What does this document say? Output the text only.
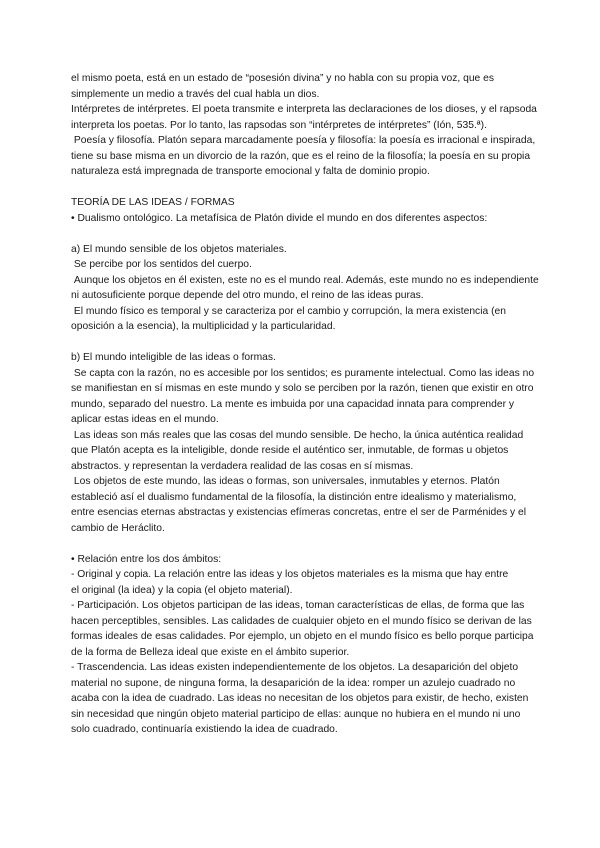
el mismo poeta, está en un estado de “posesión divina” y no habla con su propia voz, que es simplemente un medio a través del cual habla un dios.

Intérpretes de intérpretes. El poeta transmite e interpreta las declaraciones de los dioses, y el rapsoda interpreta los poetas. Por lo tanto, las rapsodas son “intérpretes de intérpretes” (Ión, 535.ª).

Poesía y filosofía. Platón separa marcadamente poesía y filosofía: la poesía es irracional e inspirada, tiene su base misma en un divorcio de la razón, que es el reino de la filosofía; la poesía en su propia naturaleza está impregnada de transporte emocional y falta de dominio propio.

TEORÍA DE LAS IDEAS / FORMAS

• Dualismo ontológico. La metafísica de Platón divide el mundo en dos diferentes aspectos:

a) El mundo sensible de los objetos materiales.

Se percibe por los sentidos del cuerpo.

Aunque los objetos en él existen, este no es el mundo real. Además, este mundo no es independiente ni autosuficiente porque depende del otro mundo, el reino de las ideas puras.

El mundo físico es temporal y se caracteriza por el cambio y corrupción, la mera existencia (en oposición a la esencia), la multiplicidad y la particularidad.

b) El mundo inteligible de las ideas o formas.

Se capta con la razón, no es accesible por los sentidos; es puramente intelectual. Como las ideas no se manifiestan en sí mismas en este mundo y solo se perciben por la razón, tienen que existir en otro mundo, separado del nuestro. La mente es imbuida por una capacidad innata para comprender y aplicar estas ideas en el mundo.

Las ideas son más reales que las cosas del mundo sensible. De hecho, la única auténtica realidad que Platón acepta es la inteligible, donde reside el auténtico ser, inmutable, de formas u objetos abstractos. y representan la verdadera realidad de las cosas en sí mismas.

Los objetos de este mundo, las ideas o formas, son universales, inmutables y eternos. Platón estableció así el dualismo fundamental de la filosofía, la distinción entre idealismo y materialismo, entre esencias eternas abstractas y existencias efímeras concretas, entre el ser de Parménides y el cambio de Heráclito.

• Relación entre los dos ámbitos:

- Original y copia. La relación entre las ideas y los objetos materiales es la misma que hay entre

el original (la idea) y la copia (el objeto material).

- Participación. Los objetos participan de las ideas, toman características de ellas, de forma que las hacen perceptibles, sensibles. Las calidades de cualquier objeto en el mundo físico se derivan de las formas ideales de esas calidades. Por ejemplo, un objeto en el mundo físico es bello porque participa de la forma de Belleza ideal que existe en el ámbito superior.

- Trascendencia. Las ideas existen independientemente de los objetos. La desaparición del objeto material no supone, de ninguna forma, la desaparición de la idea: romper un azulejo cuadrado no acaba con la idea de cuadrado. Las ideas no necesitan de los objetos para existir, de hecho, existen sin necesidad que ningún objeto material participo de ellas: aunque no hubiera en el mundo ni uno solo cuadrado, continuaría existiendo la idea de cuadrado.
